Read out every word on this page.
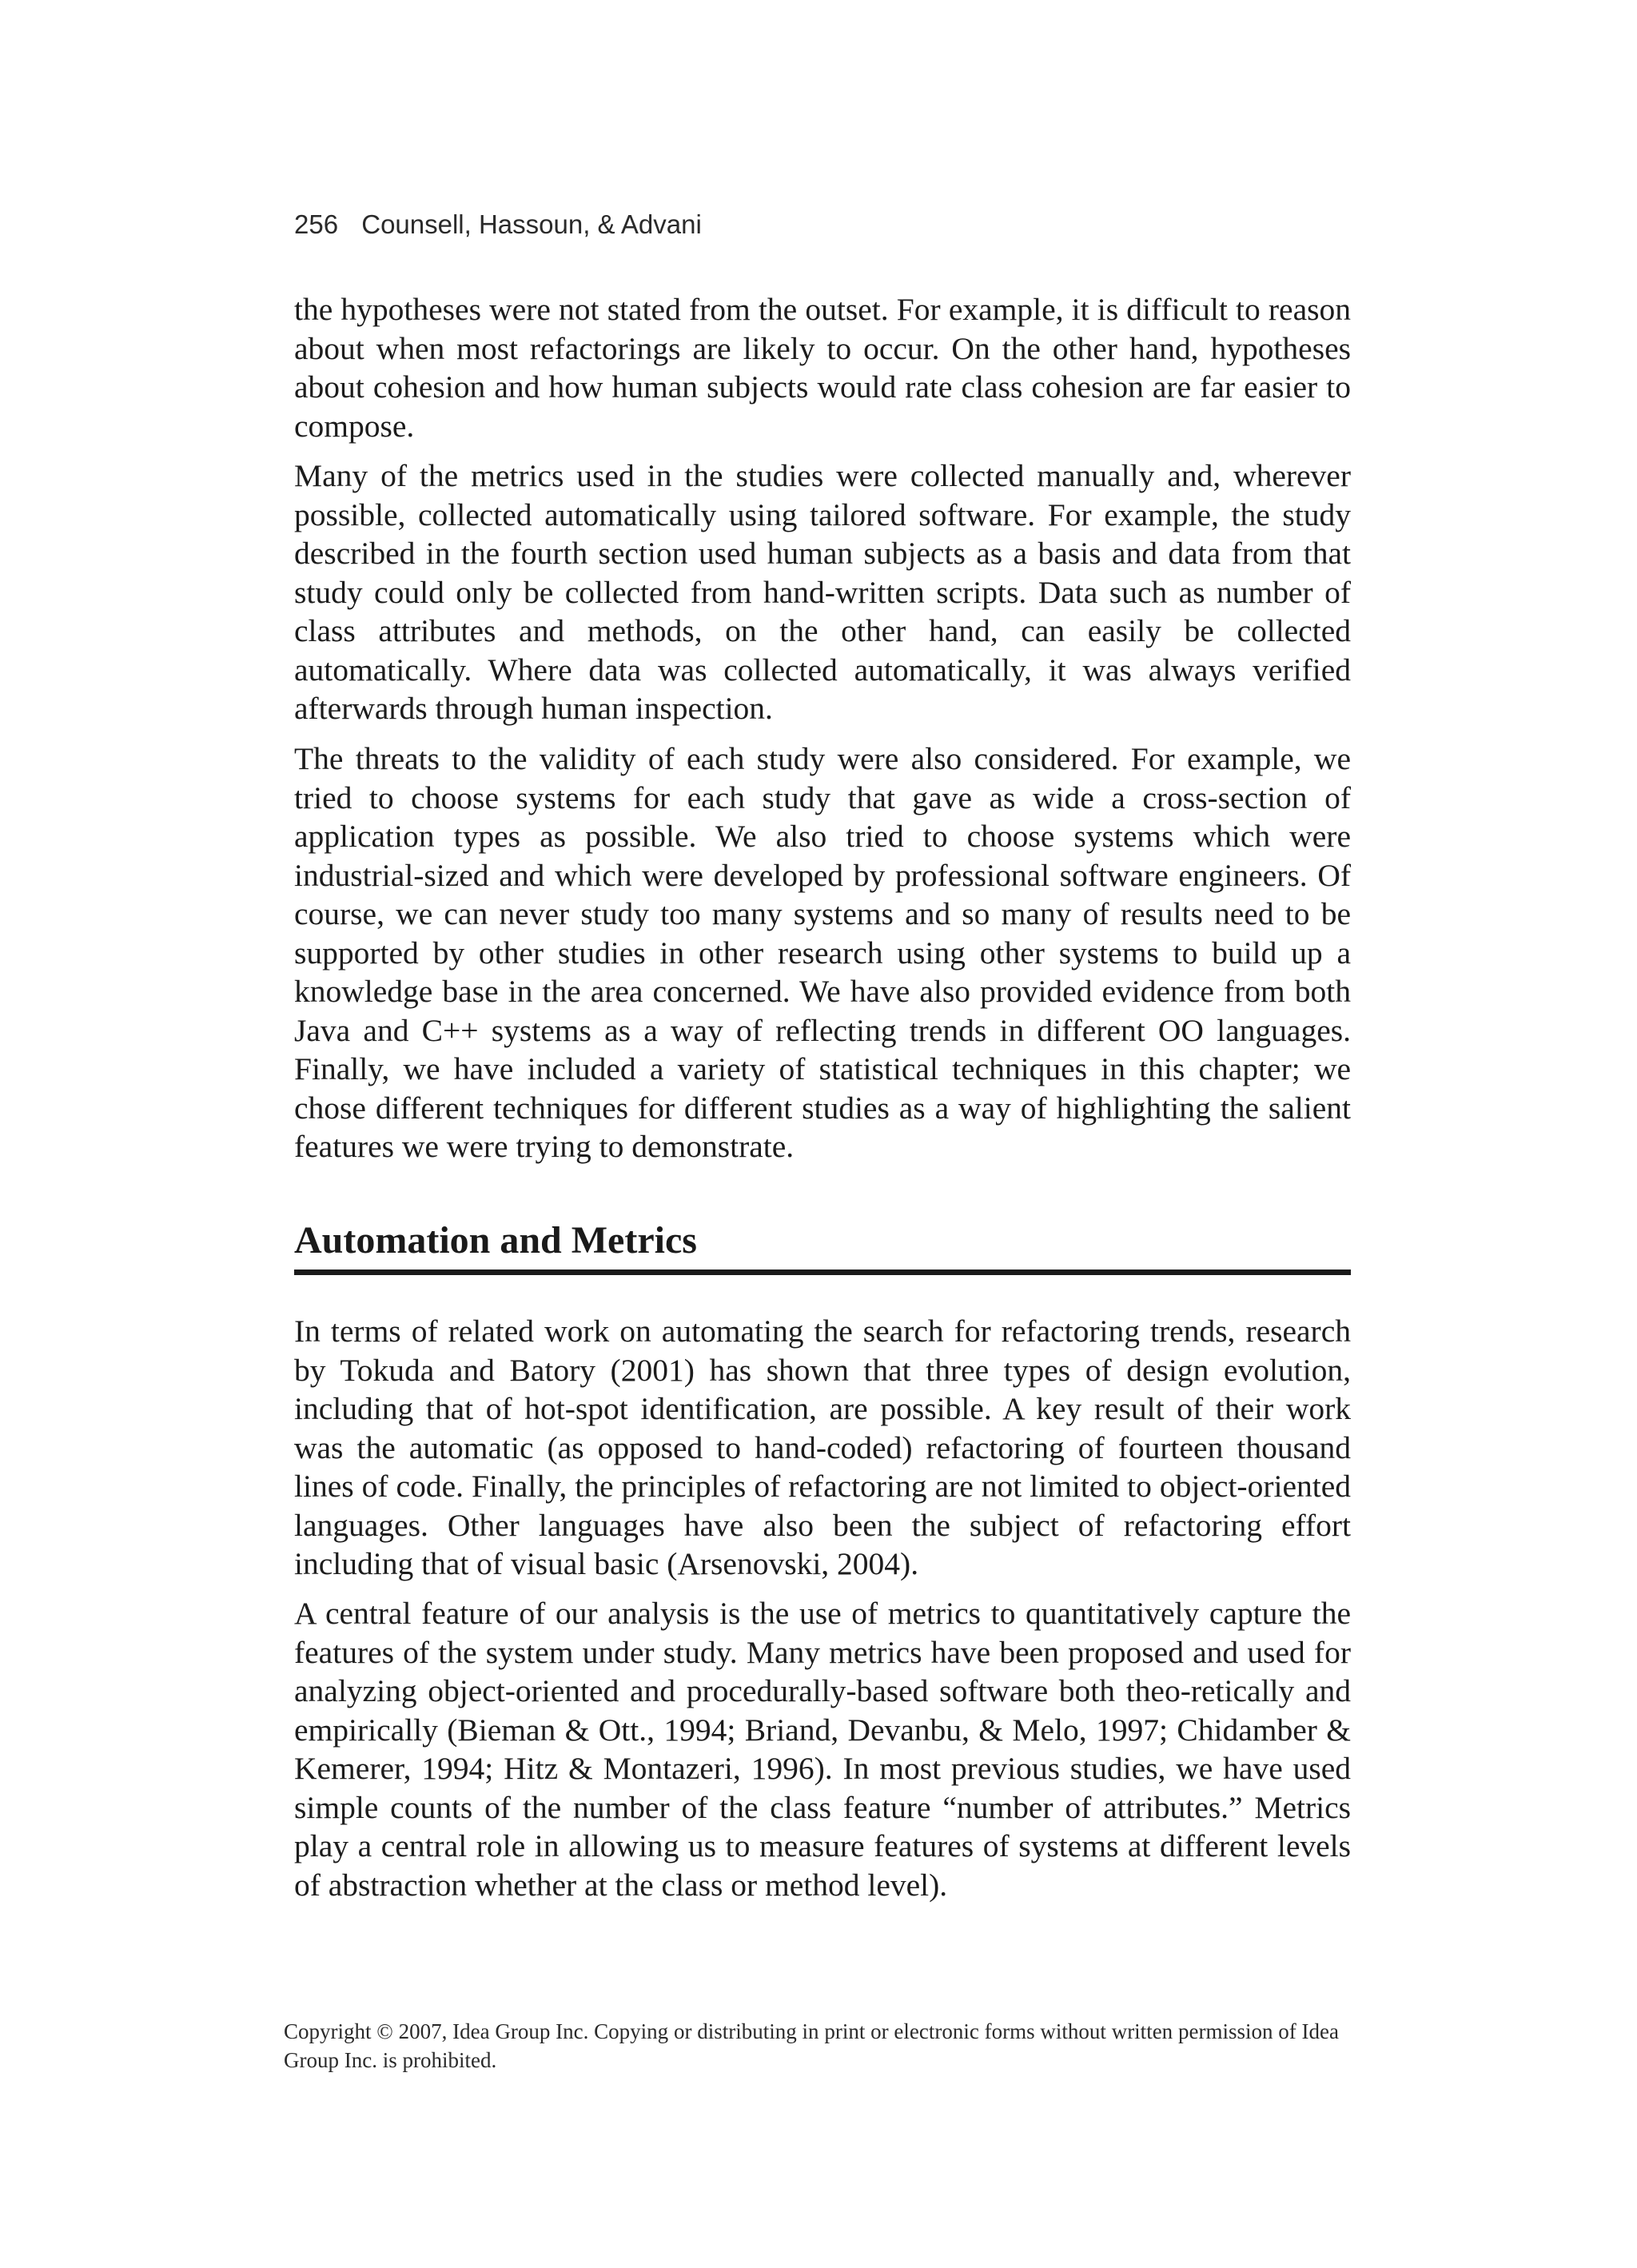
256 Counsell, Hassoun, & Advani

the hypotheses were not stated from the outset. For example, it is difficult to reason about when most refactorings are likely to occur. On the other hand, hypotheses about cohesion and how human subjects would rate class cohesion are far easier to compose.

Many of the metrics used in the studies were collected manually and, wherever possible, collected automatically using tailored software. For example, the study described in the fourth section used human subjects as a basis and data from that study could only be collected from hand-written scripts. Data such as number of class attributes and methods, on the other hand, can easily be collected automatically. Where data was collected automatically, it was always verified afterwards through human inspection.

The threats to the validity of each study were also considered. For example, we tried to choose systems for each study that gave as wide a cross-section of application types as possible. We also tried to choose systems which were industrial-sized and which were developed by professional software engineers. Of course, we can never study too many systems and so many of results need to be supported by other studies in other research using other systems to build up a knowledge base in the area concerned. We have also provided evidence from both Java and C++ systems as a way of reflecting trends in different OO languages. Finally, we have included a variety of statistical techniques in this chapter; we chose different techniques for different studies as a way of highlighting the salient features we were trying to demonstrate.

Automation and Metrics

In terms of related work on automating the search for refactoring trends, research by Tokuda and Batory (2001) has shown that three types of design evolution, including that of hot-spot identification, are possible. A key result of their work was the automatic (as opposed to hand-coded) refactoring of fourteen thousand lines of code. Finally, the principles of refactoring are not limited to object-oriented languages. Other languages have also been the subject of refactoring effort including that of visual basic (Arsenovski, 2004).

A central feature of our analysis is the use of metrics to quantitatively capture the features of the system under study. Many metrics have been proposed and used for analyzing object-oriented and procedurally-based software both theo-retically and empirically (Bieman & Ott., 1994; Briand, Devanbu, & Melo, 1997; Chidamber & Kemerer, 1994; Hitz & Montazeri, 1996). In most previous studies, we have used simple counts of the number of the class feature “number of attributes.” Metrics play a central role in allowing us to measure features of systems at different levels of abstraction whether at the class or method level).

Copyright © 2007, Idea Group Inc. Copying or distributing in print or electronic forms without written permission of Idea Group Inc. is prohibited.
